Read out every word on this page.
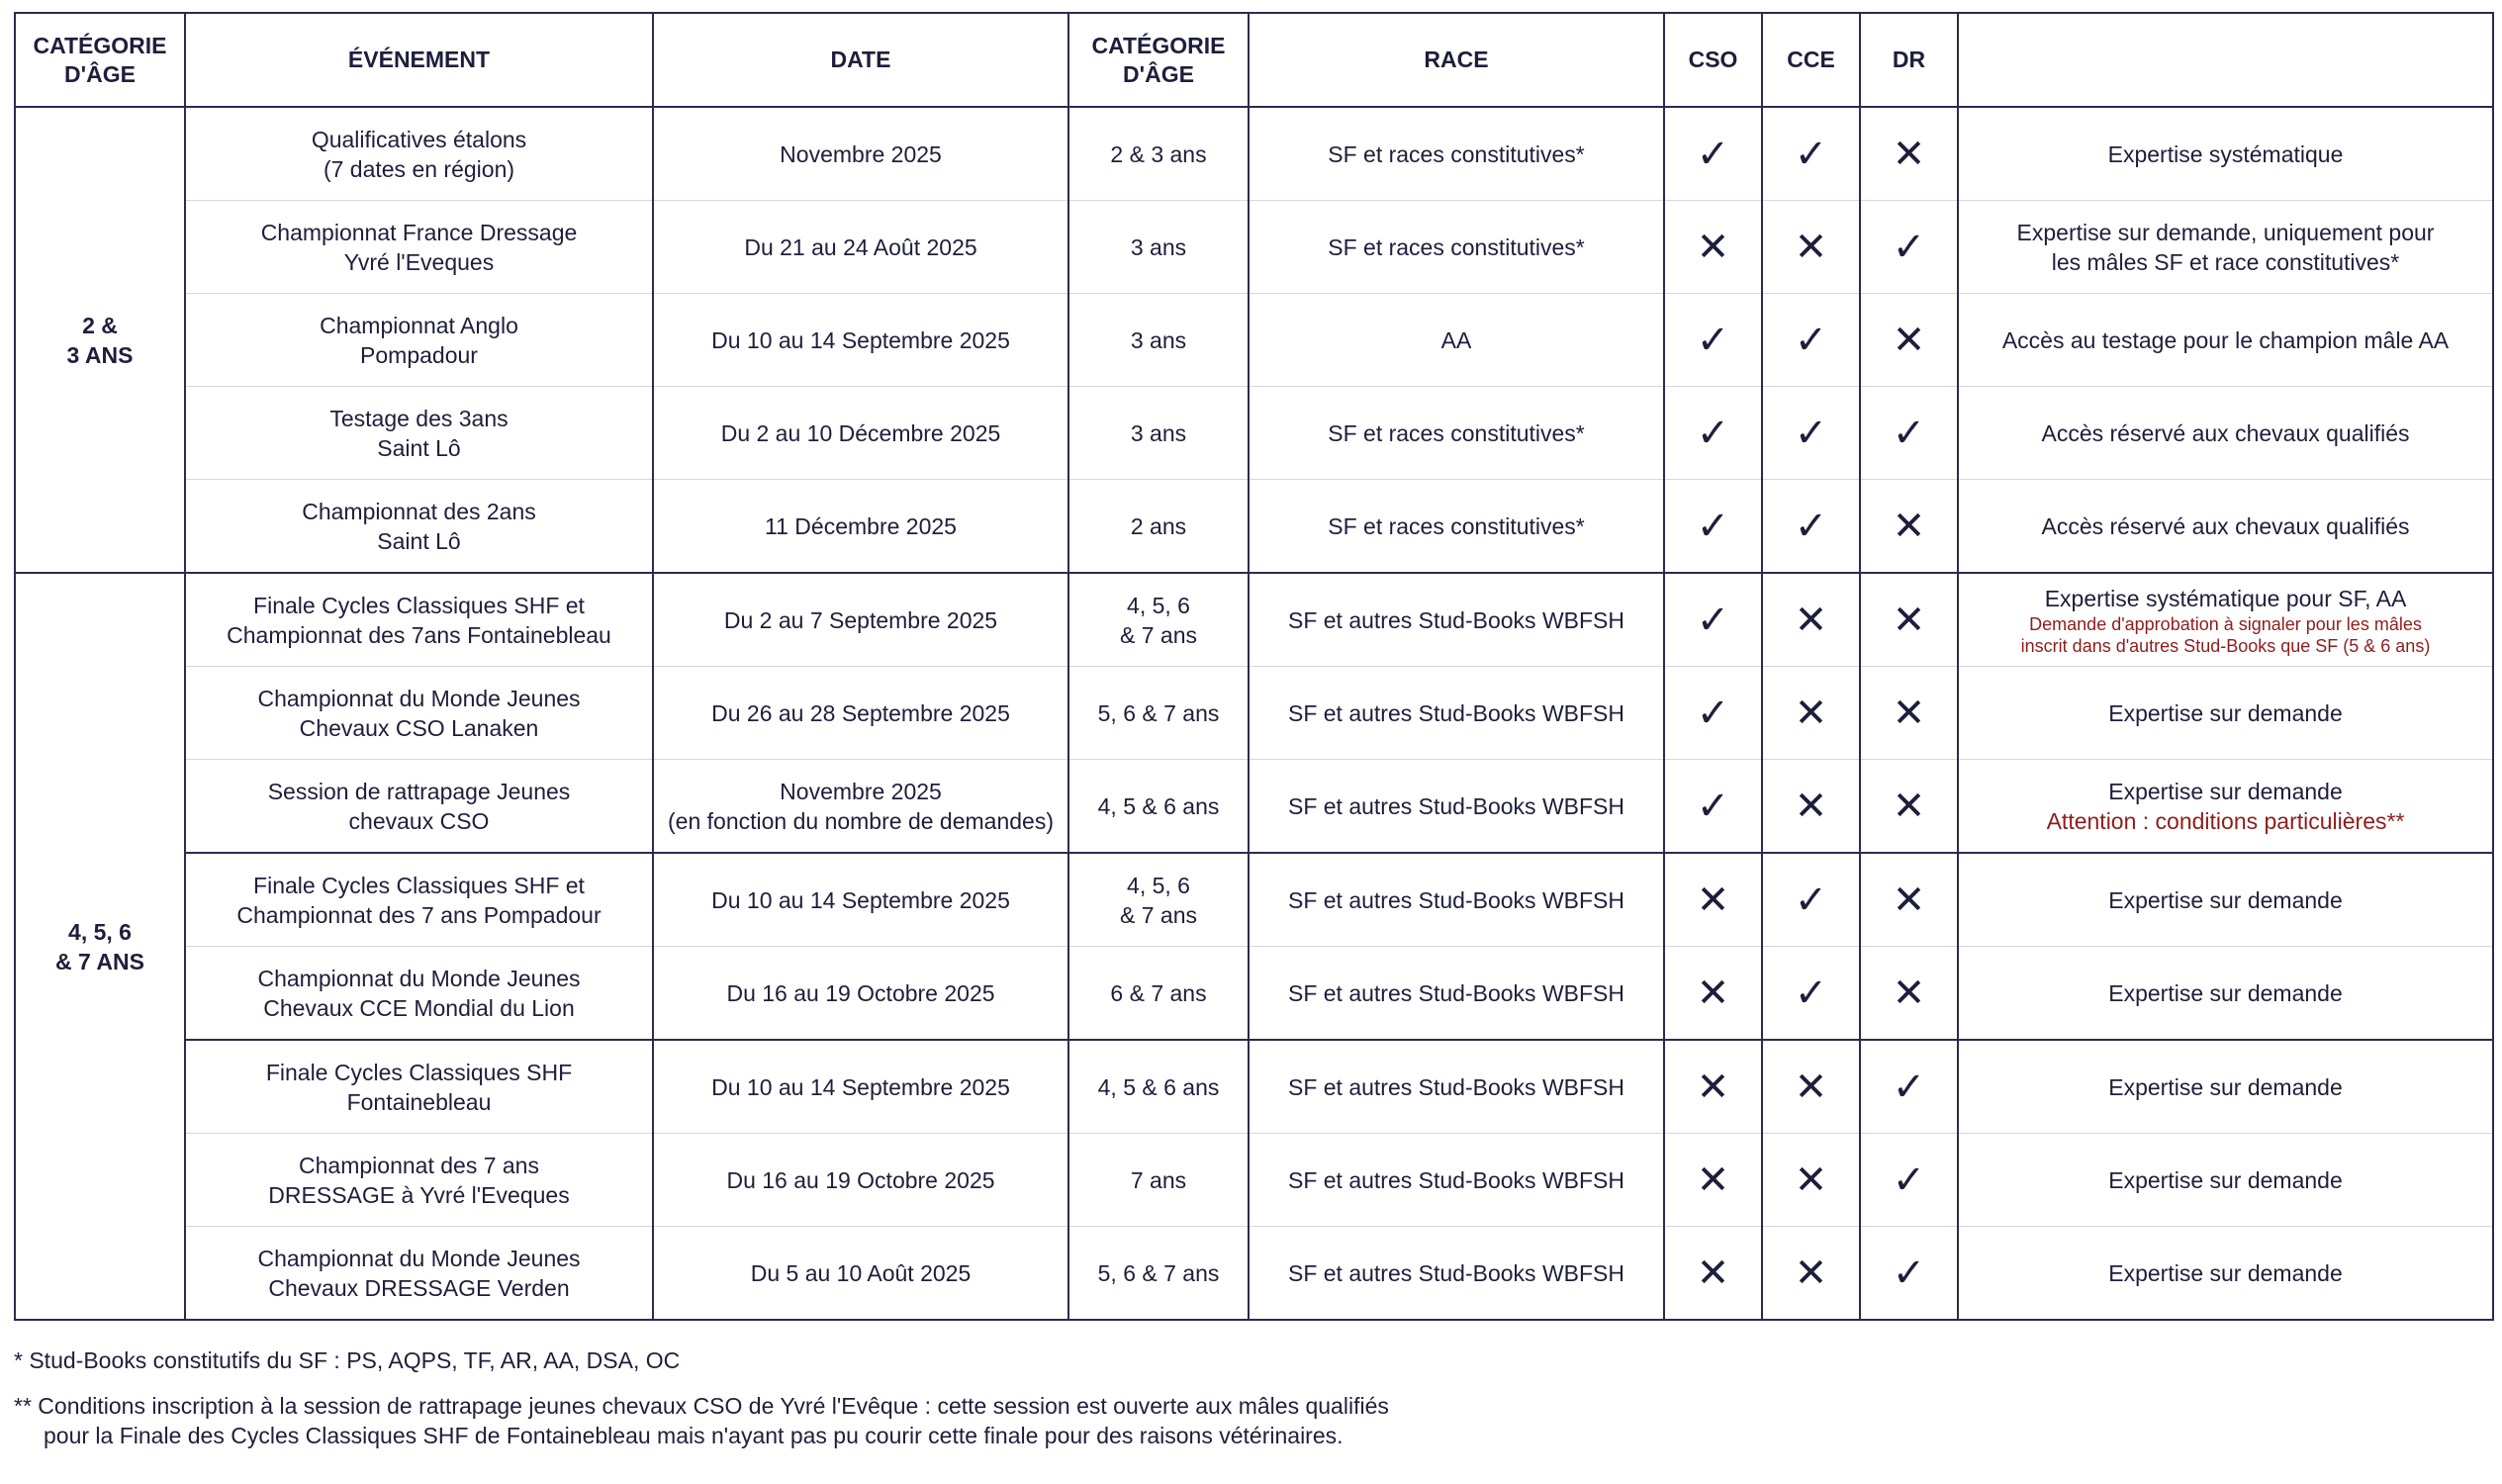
CATÉGORIE
D'ÂGE	ÉVÉNEMENT	DATE	CATÉGORIE
D'ÂGE	RACE	CSO	CCE	DR	

2 &
3 ANS	Qualificatives étalons
(7 dates en région)	Novembre 2025	2 & 3 ans	SF et races constitutives*	✓	✓	✕	Expertise systématique

	Championnat France Dressage
Yvré l'Eveques	Du 21 au 24 Août 2025	3 ans	SF et races constitutives*	✕	✕	✓	Expertise sur demande, uniquement pour
les mâles SF et race constitutives*

	Championnat Anglo
Pompadour	Du 10 au 14 Septembre 2025	3 ans	AA	✓	✓	✕	Accès au testage pour le champion mâle AA

	Testage des 3ans
Saint Lô	Du 2 au 10 Décembre 2025	3 ans	SF et races constitutives*	✓	✓	✓	Accès réservé aux chevaux qualifiés

	Championnat des 2ans
Saint Lô	11 Décembre 2025	2 ans	SF et races constitutives*	✓	✓	✕	Accès réservé aux chevaux qualifiés

4, 5, 6
& 7 ANS	Finale Cycles Classiques SHF et
Championnat des 7ans Fontainebleau	Du 2 au 7 Septembre 2025	4, 5, 6
& 7 ans	SF et autres Stud-Books WBFSH	✓	✕	✕	Expertise systématique pour SF, AA
Demande d'approbation à signaler pour les mâles
inscrit dans d'autres Stud-Books que SF (5 & 6 ans)

	Championnat du Monde Jeunes
Chevaux CSO Lanaken	Du 26 au 28 Septembre 2025	5, 6 & 7 ans	SF et autres Stud-Books WBFSH	✓	✕	✕	Expertise sur demande

	Session de rattrapage Jeunes
chevaux CSO	Novembre 2025
(en fonction du nombre de demandes)	4, 5 & 6 ans	SF et autres Stud-Books WBFSH	✓	✕	✕	Expertise sur demande
Attention : conditions particulières**

	Finale Cycles Classiques SHF et
Championnat des 7 ans Pompadour	Du 10 au 14 Septembre 2025	4, 5, 6
& 7 ans	SF et autres Stud-Books WBFSH	✕	✓	✕	Expertise sur demande

	Championnat du Monde Jeunes
Chevaux CCE Mondial du Lion	Du 16 au 19 Octobre 2025	6 & 7 ans	SF et autres Stud-Books WBFSH	✕	✓	✕	Expertise sur demande

	Finale Cycles Classiques SHF
Fontainebleau	Du 10 au 14 Septembre 2025	4, 5 & 6 ans	SF et autres Stud-Books WBFSH	✕	✕	✓	Expertise sur demande

	Championnat des 7 ans
DRESSAGE à Yvré l'Eveques	Du 16 au 19 Octobre 2025	7 ans	SF et autres Stud-Books WBFSH	✕	✕	✓	Expertise sur demande

	Championnat du Monde Jeunes
Chevaux DRESSAGE Verden	Du 5 au 10 Août 2025	5, 6 & 7 ans	SF et autres Stud-Books WBFSH	✕	✕	✓	Expertise sur demande

* Stud-Books constitutifs du SF : PS, AQPS, TF, AR, AA, DSA, OC

** Conditions inscription à la session de rattrapage jeunes chevaux CSO de Yvré l'Evêque : cette session est ouverte aux mâles qualifiés

pour la Finale des Cycles Classiques SHF de Fontainebleau mais n'ayant pas pu courir cette finale pour des raisons vétérinaires.
